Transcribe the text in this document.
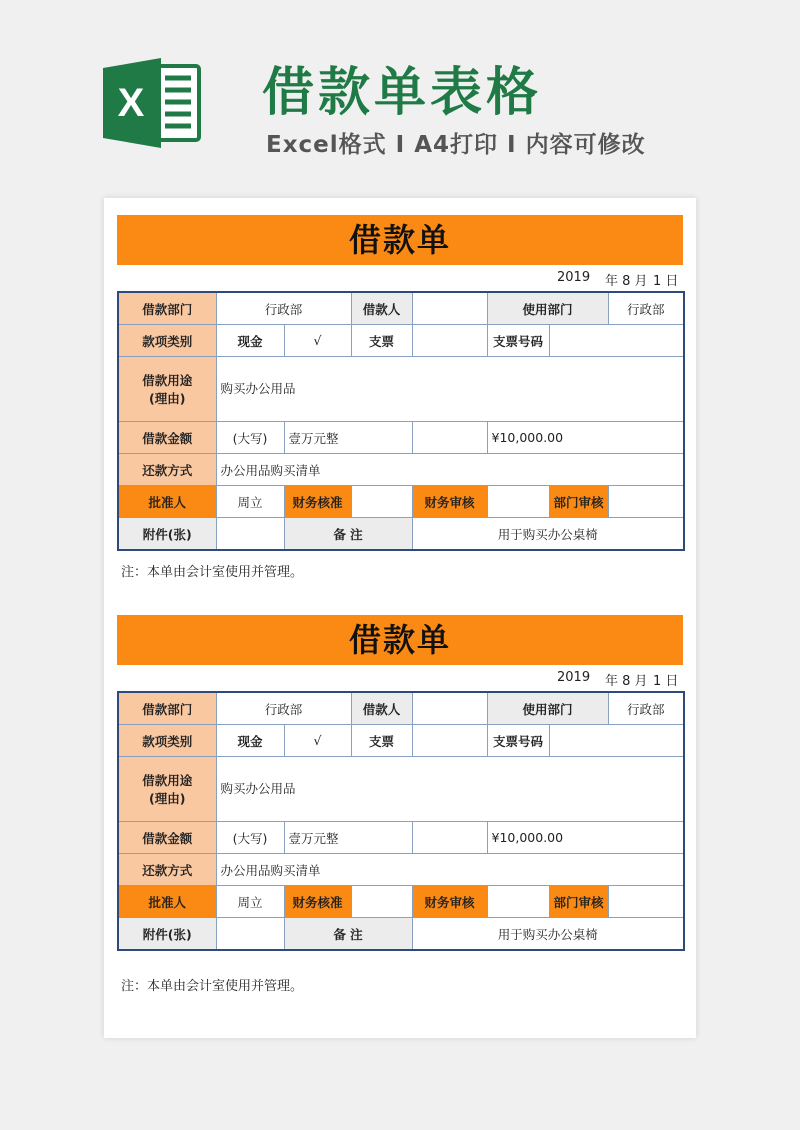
X 借款单表格
Excel格式 I A4打印 I 内容可修改
借款单
2019 年 8 月 1 日
借款部门	行政部		借款人		使用部门		行政部
款项类别	现金	√	支票		支票号码		

借款用途
(理由)	购买办公用品						
借款金额	(大写)	壹万元整			¥10,000.00		
还款方式	办公用品购买清单						
批准人	周立	财务核准		财务审核		部门审核	
附件(张)		备 注		用于购买办公桌椅			
注：本单由会计室使用并管理。
借款单
2019 年 8 月 1 日
借款部门	行政部		借款人		使用部门		行政部
款项类别	现金	√	支票		支票号码		

借款用途
(理由)	购买办公用品						
借款金额	(大写)	壹万元整			¥10,000.00		
还款方式	办公用品购买清单						
批准人	周立	财务核准		财务审核		部门审核	
附件(张)		备 注		用于购买办公桌椅			
注：本单由会计室使用并管理。
